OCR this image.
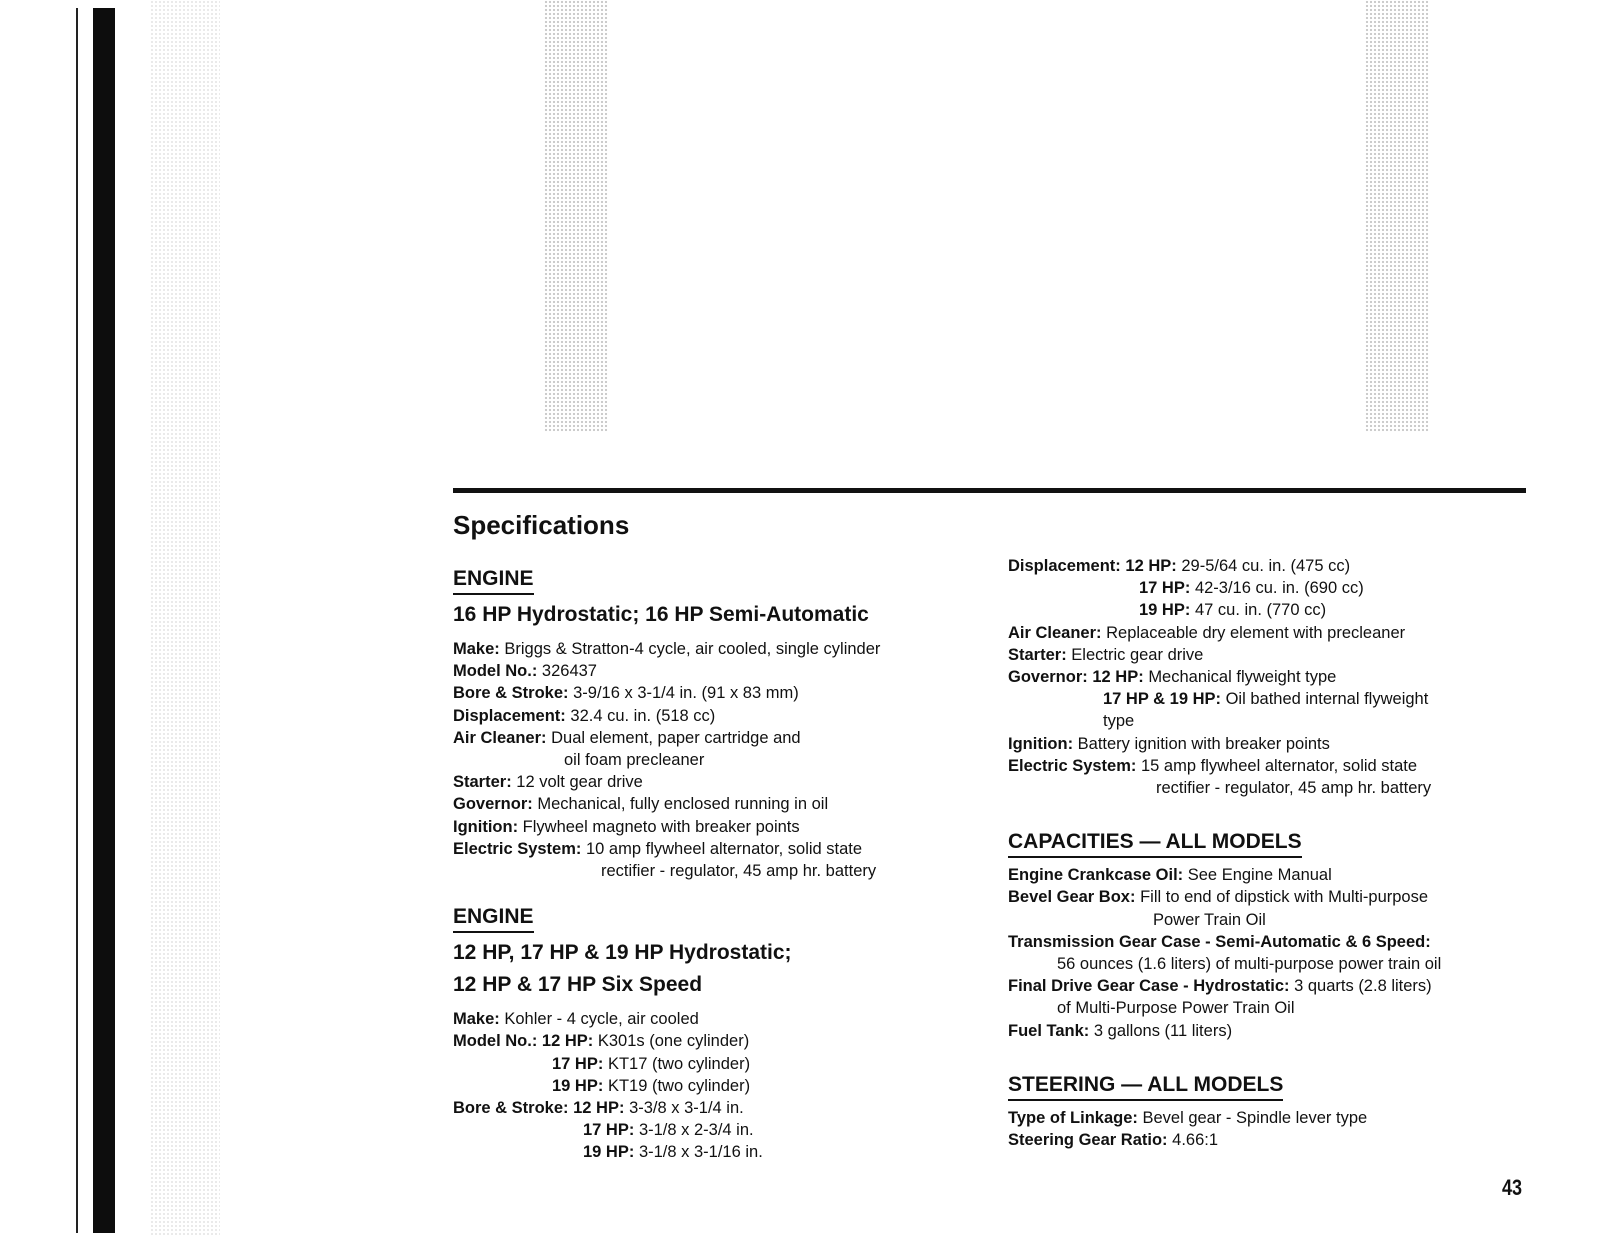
Specifications
ENGINE
16 HP Hydrostatic; 16 HP Semi-Automatic
Make: Briggs & Stratton-4 cycle, air cooled, single cylinder
Model No.: 326437
Bore & Stroke: 3-9/16 x 3-1/4 in. (91 x 83 mm)
Displacement: 32.4 cu. in. (518 cc)
Air Cleaner: Dual element, paper cartridge and
oil foam precleaner
Starter: 12 volt gear drive
Governor: Mechanical, fully enclosed running in oil
Ignition: Flywheel magneto with breaker points
Electric System: 10 amp flywheel alternator, solid state
rectifier - regulator, 45 amp hr. battery
ENGINE
12 HP, 17 HP & 19 HP Hydrostatic;
12 HP & 17 HP Six Speed
Make: Kohler - 4 cycle, air cooled
Model No.: 12 HP: K301s (one cylinder)
17 HP: KT17 (two cylinder)
19 HP: KT19 (two cylinder)
Bore & Stroke: 12 HP: 3-3/8 x 3-1/4 in.
17 HP: 3-1/8 x 2-3/4 in.
19 HP: 3-1/8 x 3-1/16 in.
Displacement: 12 HP: 29-5/64 cu. in. (475 cc)
17 HP: 42-3/16 cu. in. (690 cc)
19 HP: 47 cu. in. (770 cc)
Air Cleaner: Replaceable dry element with precleaner
Starter: Electric gear drive
Governor: 12 HP: Mechanical flyweight type
17 HP & 19 HP: Oil bathed internal flyweight
type
Ignition: Battery ignition with breaker points
Electric System: 15 amp flywheel alternator, solid state
rectifier - regulator, 45 amp hr. battery
CAPACITIES — ALL MODELS
Engine Crankcase Oil: See Engine Manual
Bevel Gear Box: Fill to end of dipstick with Multi-purpose
Power Train Oil
Transmission Gear Case - Semi-Automatic & 6 Speed:
56 ounces (1.6 liters) of multi-purpose power train oil
Final Drive Gear Case - Hydrostatic: 3 quarts (2.8 liters)
of Multi-Purpose Power Train Oil
Fuel Tank: 3 gallons (11 liters)
STEERING — ALL MODELS
Type of Linkage: Bevel gear - Spindle lever type
Steering Gear Ratio: 4.66:1
43
